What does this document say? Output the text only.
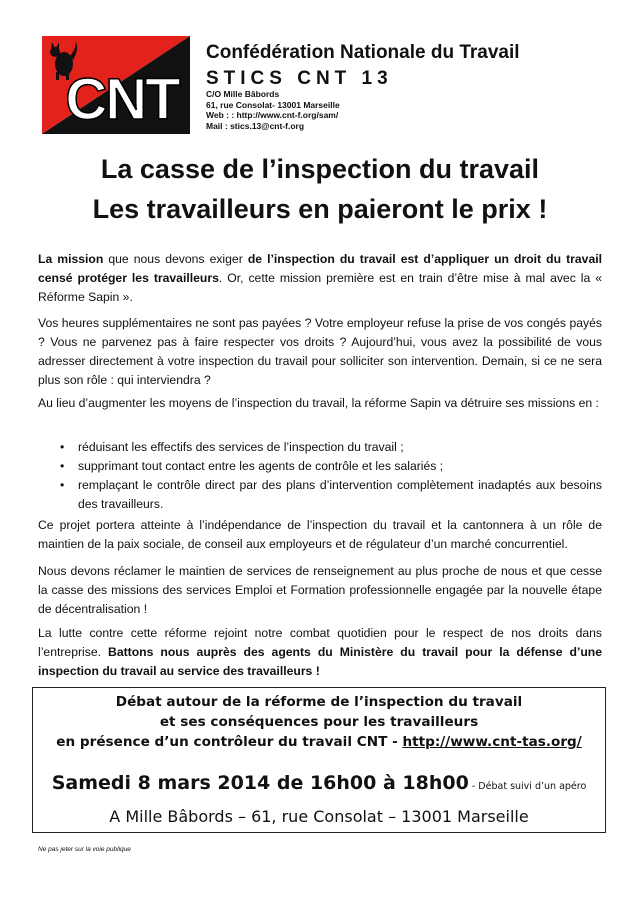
CNT
Confédération Nationale du Travail
STICS CNT 13
C/O Mille Bâbords
61, rue Consolat- 13001 Marseille
Web : : http://www.cnt-f.org/sam/
Mail : stics.13@cnt-f.org
La casse de l’inspection du travail
Les travailleurs en paieront le prix !
La mission que nous devons exiger de l’inspection du travail est d’appliquer un droit du travail censé protéger les travailleurs. Or, cette mission première est en train d’être mise à mal avec la « Réforme Sapin ».
Vos heures supplémentaires ne sont pas payées ? Votre employeur refuse la prise de vos congés payés ? Vous ne parvenez pas à faire respecter vos droits ? Aujourd’hui, vous avez la possibilité de vous adresser directement à votre inspection du travail pour solliciter son intervention. Demain, si ce ne sera plus son rôle : qui interviendra ?
Au lieu d’augmenter les moyens de l’inspection du travail, la réforme Sapin va détruire ses missions en :
• réduisant les effectifs des services de l’inspection du travail ;
• supprimant tout contact entre les agents de contrôle et les salariés ;
• remplaçant le contrôle direct par des plans d’intervention complètement inadaptés aux besoins des travailleurs.
Ce projet portera atteinte à l’indépendance de l’inspection du travail et la cantonnera à un rôle de maintien de la paix sociale, de conseil aux employeurs et de régulateur d’un marché concurrentiel.
Nous devons réclamer le maintien de services de renseignement au plus proche de nous et que cesse la casse des missions des services Emploi et Formation professionnelle engagée par la nouvelle étape de décentralisation !
La lutte contre cette réforme rejoint notre combat quotidien pour le respect de nos droits dans l’entreprise. Battons nous auprès des agents du Ministère du travail pour la défense d’une inspection du travail au service des travailleurs !
Débat autour de la réforme de l’inspection du travail
et ses conséquences pour les travailleurs
en présence d’un contrôleur du travail CNT - http://www.cnt-tas.org/
Samedi 8 mars 2014 de 16h00 à 18h00 - Débat suivi d’un apéro
A Mille Bâbords – 61, rue Consolat – 13001 Marseille
Ne pas jeter sur la voie publique
